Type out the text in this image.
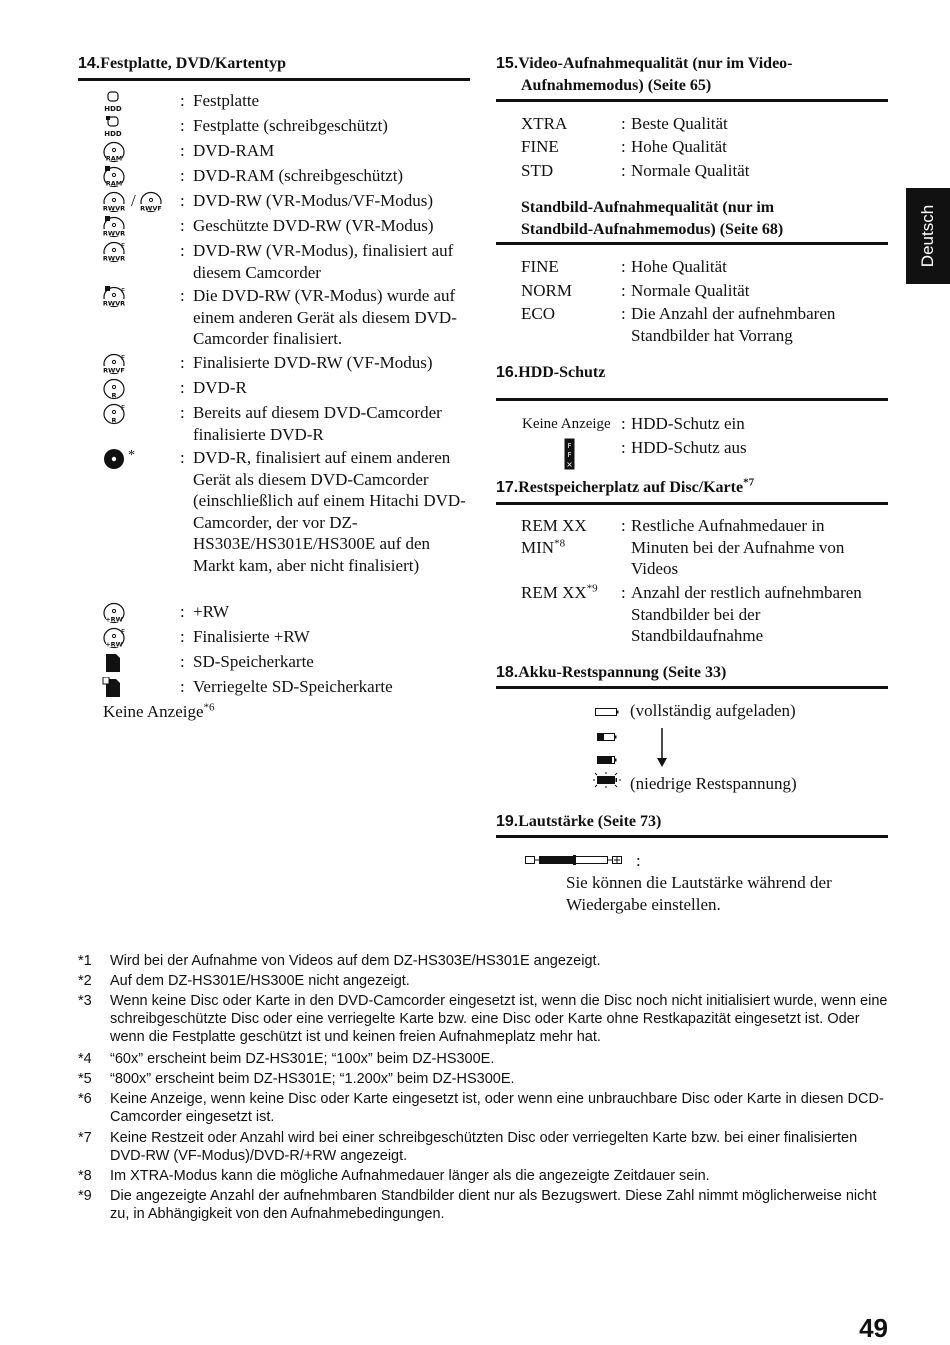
Deutsch
14.Festplatte, DVD/Kartentyp
HDD	: Festplatte
HDD	: Festplatte (schreibgeschützt)
RAM	: DVD-RAM
RAM	: DVD-RAM (schreibgeschützt)
RWVR / RWVF : DVD-RW (VR-Modus/VF-Modus)
RWVR	: Geschützte DVD-RW (VR-Modus)
F
RWVR	: DVD-RW (VR-Modus), finalisiert auf diesem Camcorder
F
RWVR	: Die DVD-RW (VR-Modus) wurde auf einem anderen Gerät als diesem DVD-Camcorder finalisiert.
F
RWVF	: Finalisierte DVD-RW (VF-Modus)
R	: DVD-R
F
R	: Bereits auf diesem DVD-Camcorder finalisierte DVD-R
*	: DVD-R, finalisiert auf einem anderen Gerät als diesem DVD-Camcorder (einschließlich auf einem Hitachi DVD-Camcorder, der vor DZ-HS303E/HS301E/HS300E auf den Markt kam, aber nicht finalisiert)
+RW	: +RW
F
+RW	: Finalisierte +RW
: SD-Speicherkarte
: Verriegelte SD-Speicherkarte
Keine Anzeige$^{*6}$
15.Video-Aufnahmequalität (nur im Video-
Aufnahmemodus) (Seite 65)
XTRA	: Beste Qualität
FINE	: Hohe Qualität
STD	: Normale Qualität
Standbild-Aufnahmequalität (nur im
Standbild-Aufnahmemodus) (Seite 68)
FINE	: Hohe Qualität
NORM	: Normale Qualität
ECO	: Die Anzahl der aufnehmbaren Standbilder hat Vorrang
16.HDD-Schutz
Keine Anzeige : HDD-Schutz ein
F
F
×
: HDD-Schutz aus
17.Restspeicherplatz auf Disc/Karte$^{*7}$
REM XX
MIN$^{*8}$
: Restliche Aufnahmedauer in Minuten bei der Aufnahme von Videos
REM XX$^{*9}$ : Anzahl der restlich aufnehmbaren Standbilder bei der Standbildaufnahme
18.Akku-Restspannung (Seite 33)
(vollständig aufgeladen)
(niedrige Restspannung)
19.Lautstärke (Seite 73)
:
Sie können die Lautstärke während der Wiedergabe einstellen.
*1 Wird bei der Aufnahme von Videos auf dem DZ-HS303E/HS301E angezeigt.
*2 Auf dem DZ-HS301E/HS300E nicht angezeigt.
*3 Wenn keine Disc oder Karte in den DVD-Camcorder eingesetzt ist, wenn die Disc noch nicht initialisiert wurde, wenn eine schreibgeschützte Disc oder eine verriegelte Karte bzw. eine Disc oder Karte ohne Restkapazität eingesetzt ist. Oder wenn die Festplatte geschützt ist und keinen freien Aufnahmeplatz mehr hat.
*4 “60x” erscheint beim DZ-HS301E; “100x” beim DZ-HS300E.
*5 “800x” erscheint beim DZ-HS301E; “1.200x” beim DZ-HS300E.
*6 Keine Anzeige, wenn keine Disc oder Karte eingesetzt ist, oder wenn eine unbrauchbare Disc oder Karte in diesen DCD-Camcorder eingesetzt ist.
*7 Keine Restzeit oder Anzahl wird bei einer schreibgeschützten Disc oder verriegelten Karte bzw. bei einer finalisierten DVD-RW (VF-Modus)/DVD-R/+RW angezeigt.
*8 Im XTRA-Modus kann die mögliche Aufnahmedauer länger als die angezeigte Zeitdauer sein.
*9 Die angezeigte Anzahl der aufnehmbaren Standbilder dient nur als Bezugswert. Diese Zahl nimmt möglicherweise nicht zu, in Abhängigkeit von den Aufnahmebedingungen.
49
